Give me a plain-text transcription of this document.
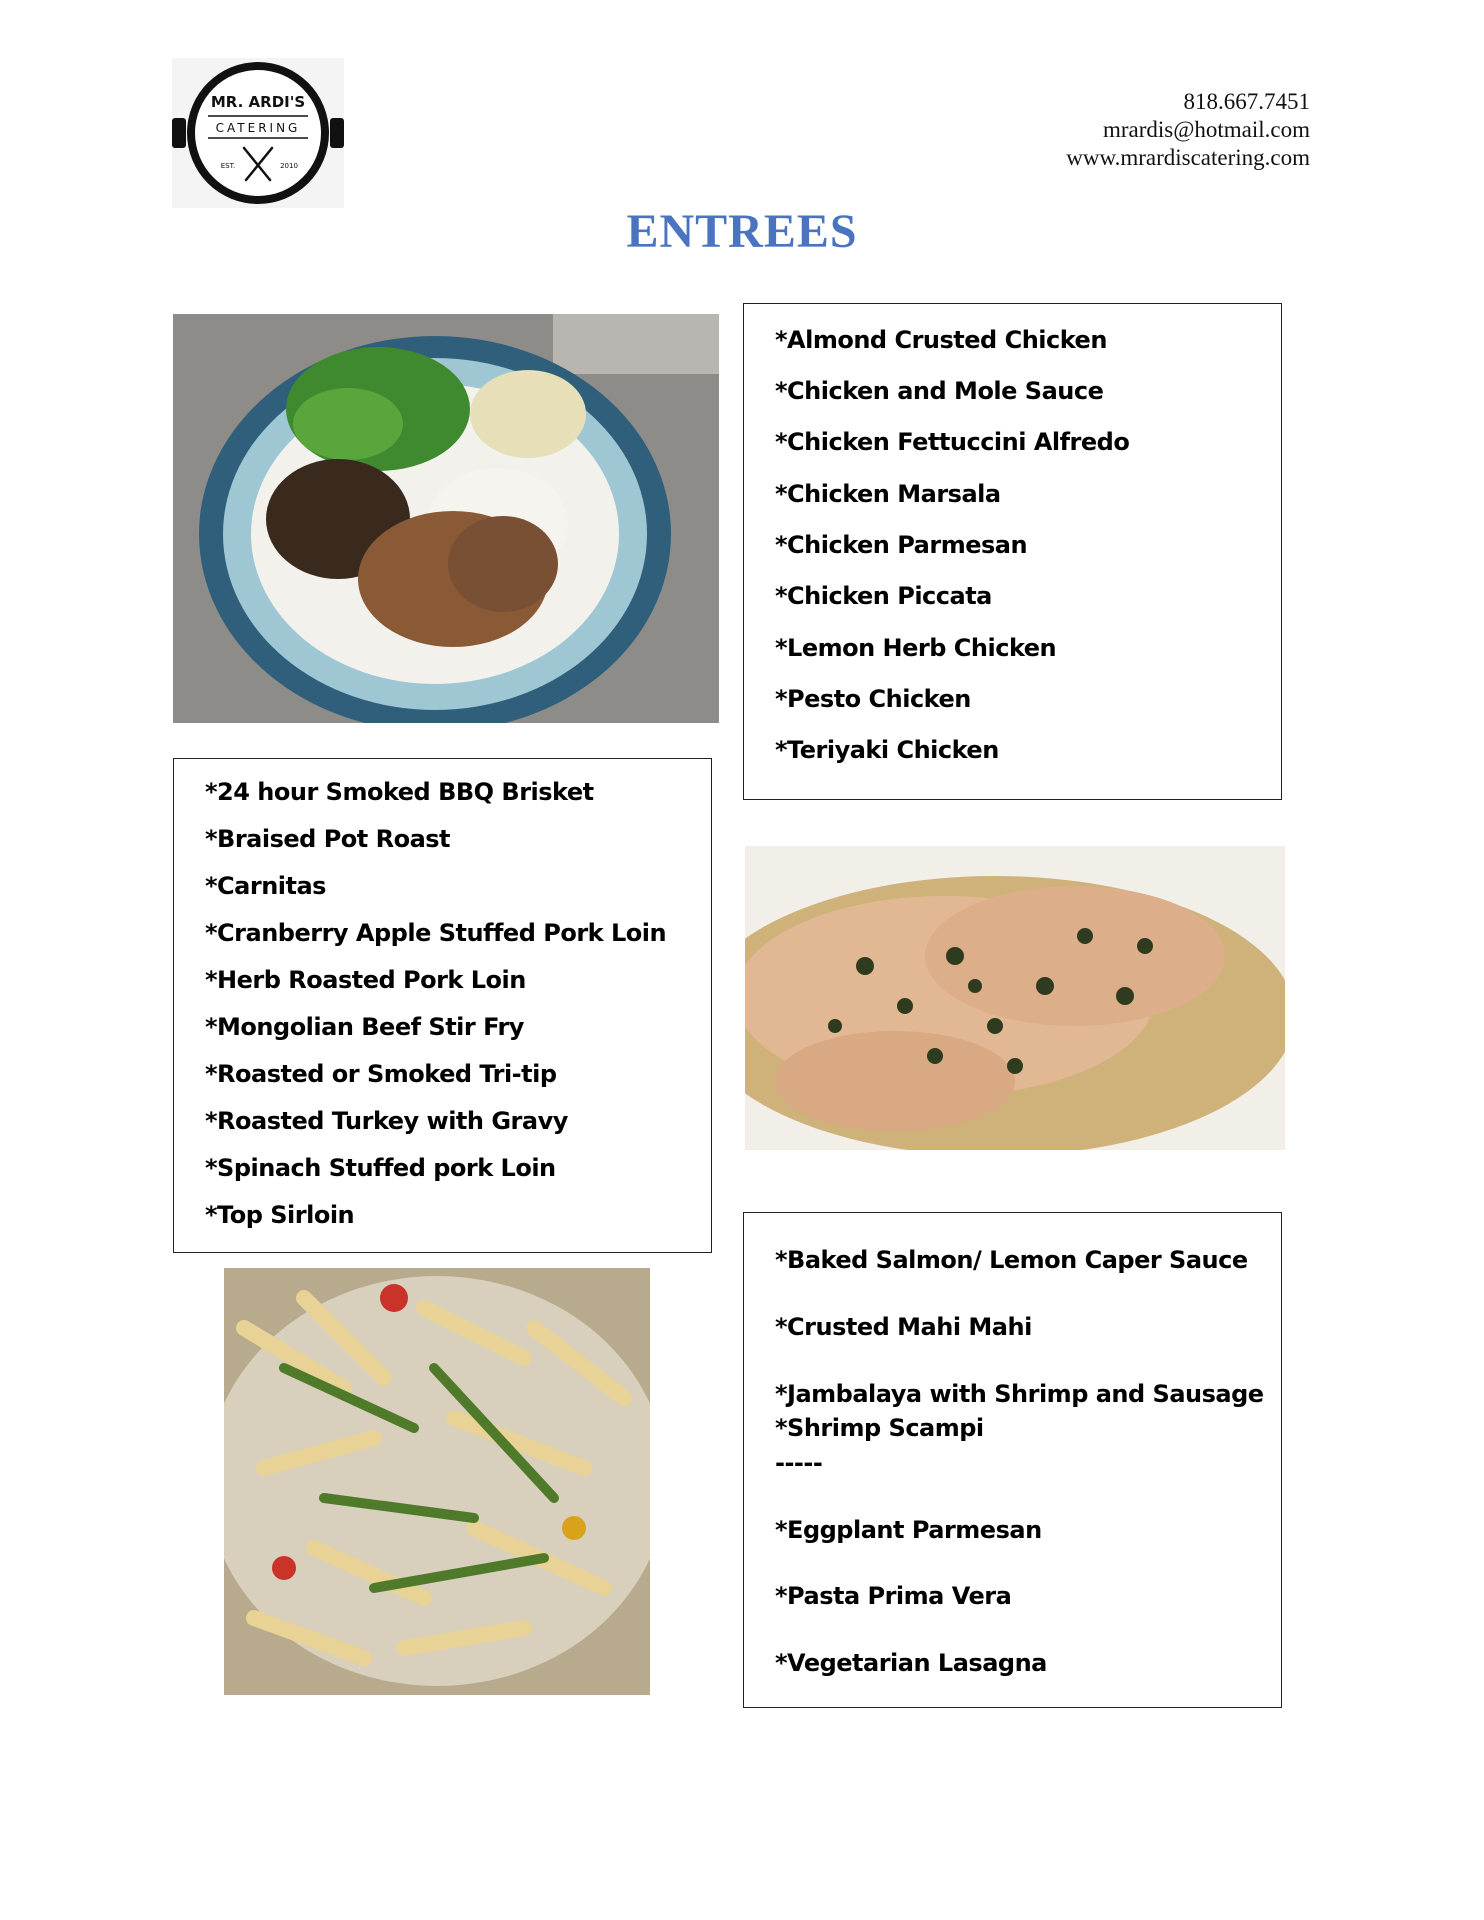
MR. ARDI'S
CATERING
EST.	2010
818.667.7451
mrardis@hotmail.com
www.mrardiscatering.com
ENTREES
*Almond Crusted Chicken
*Chicken and Mole Sauce
*Chicken Fettuccini Alfredo
*Chicken Marsala
*Chicken Parmesan
*Chicken Piccata
*Lemon Herb Chicken
*Pesto Chicken
*Teriyaki Chicken
*24 hour Smoked BBQ Brisket
*Braised Pot Roast
*Carnitas
*Cranberry Apple Stuffed Pork Loin
*Herb Roasted Pork Loin
*Mongolian Beef Stir Fry
*Roasted or Smoked Tri-tip
*Roasted Turkey with Gravy
*Spinach Stuffed pork Loin
*Top Sirloin
*Baked Salmon/ Lemon Caper Sauce
*Crusted Mahi Mahi
*Jambalaya with Shrimp and Sausage
*Shrimp Scampi
-----
*Eggplant Parmesan
*Pasta Prima Vera
*Vegetarian Lasagna
